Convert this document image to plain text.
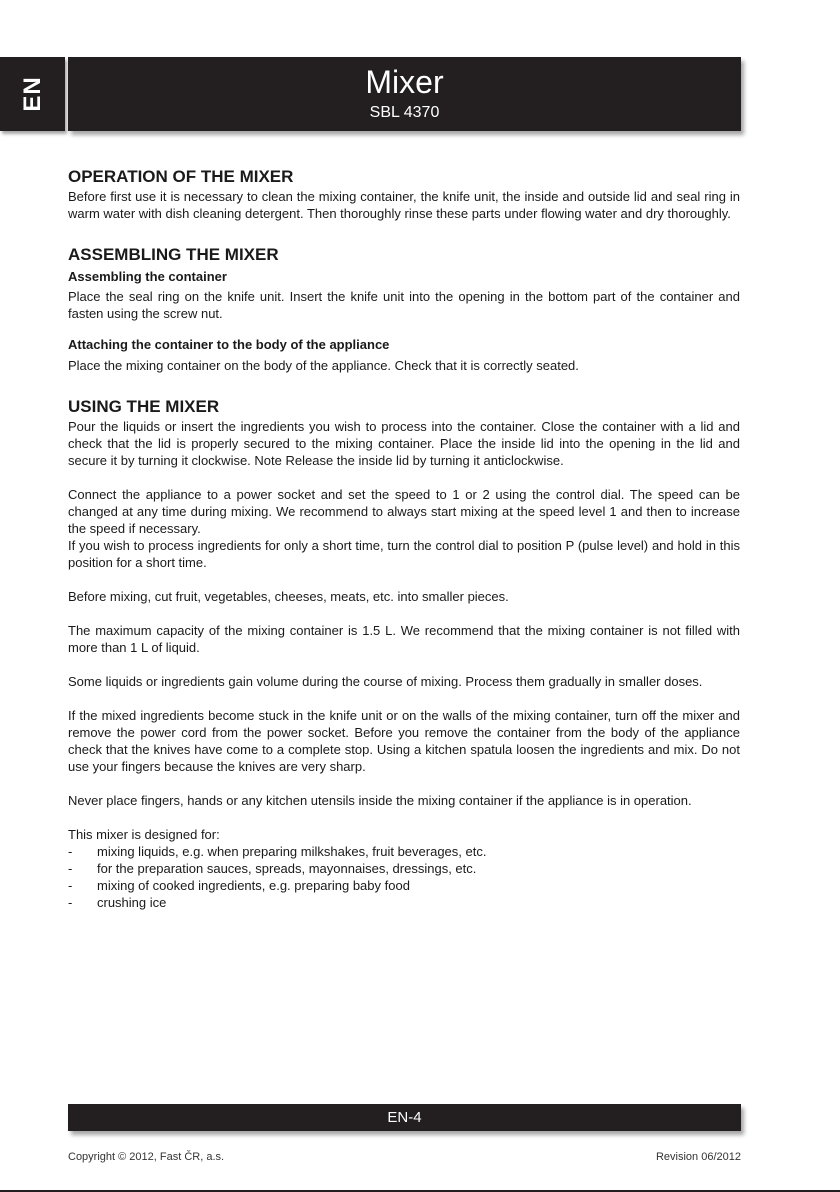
EN	Mixer
SBL 4370
OPERATION OF THE MIXER

Before first use it is necessary to clean the mixing container, the knife unit, the inside and outside lid and seal ring in warm water with dish cleaning detergent. Then thoroughly rinse these parts under flowing water and dry thoroughly.

ASSEMBLING THE MIXER
Assembling the container

Place the seal ring on the knife unit. Insert the knife unit into the opening in the bottom part of the container and fasten using the screw nut.

Attaching the container to the body of the appliance

Place the mixing container on the body of the appliance. Check that it is correctly seated.

USING THE MIXER

Pour the liquids or insert the ingredients you wish to process into the container. Close the container with a lid and check that the lid is properly secured to the mixing container. Place the inside lid into the opening in the lid and secure it by turning it clockwise. Note Release the inside lid by turning it anticlockwise.

Connect the appliance to a power socket and set the speed to 1 or 2 using the control dial. The speed can be changed at any time during mixing. We recommend to always start mixing at the speed level 1 and then to increase the speed if necessary.

If you wish to process ingredients for only a short time, turn the control dial to position P (pulse level) and hold in this position for a short time.

Before mixing, cut fruit, vegetables, cheeses, meats, etc. into smaller pieces.

The maximum capacity of the mixing container is 1.5 L. We recommend that the mixing container is not filled with more than 1 L of liquid.

Some liquids or ingredients gain volume during the course of mixing. Process them gradually in smaller doses.

If the mixed ingredients become stuck in the knife unit or on the walls of the mixing container, turn off the mixer and remove the power cord from the power socket. Before you remove the container from the body of the appliance check that the knives have come to a complete stop. Using a kitchen spatula loosen the ingredients and mix. Do not use your fingers because the knives are very sharp.

Never place fingers, hands or any kitchen utensils inside the mixing container if the appliance is in operation.

This mixer is designed for:

- mixing liquids, e.g. when preparing milkshakes, fruit beverages, etc.
- for the preparation sauces, spreads, mayonnaises, dressings, etc.
- mixing of cooked ingredients, e.g. preparing baby food
- crushing ice
EN-4
Copyright © 2012, Fast ČR, a.s.	Revision 06/2012
